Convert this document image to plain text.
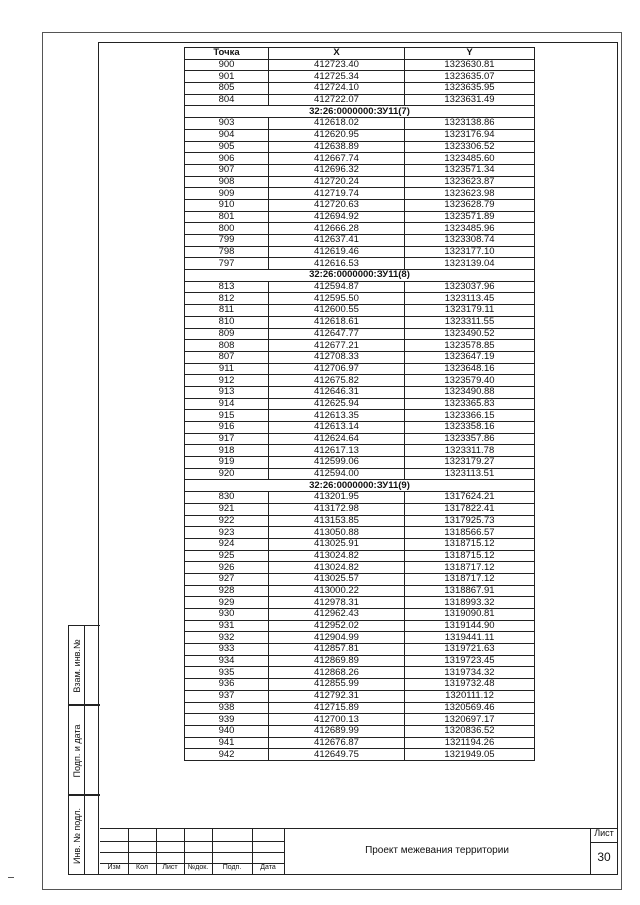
Взам. инв.№
Подп. и дата
Инв. № подл.
Точка	X	Y
900	412723.40	1323630.81
901	412725.34	1323635.07
805	412724.10	1323635.95
804	412722.07	1323631.49
32:26:0000000:ЗУ11(7)		
903	412618.02	1323138.86
904	412620.95	1323176.94
905	412638.89	1323306.52
906	412667.74	1323485.60
907	412696.32	1323571.34
908	412720.24	1323623.87
909	412719.74	1323623.98
910	412720.63	1323628.79
801	412694.92	1323571.89
800	412666.28	1323485.96
799	412637.41	1323308.74
798	412619.46	1323177.10
797	412616.53	1323139.04
32:26:0000000:ЗУ11(8)		
813	412594.87	1323037.96
812	412595.50	1323113.45
811	412600.55	1323179.11
810	412618.61	1323311.55
809	412647.77	1323490.52
808	412677.21	1323578.85
807	412708.33	1323647.19
911	412706.97	1323648.16
912	412675.82	1323579.40
913	412646.31	1323490.88
914	412625.94	1323365.83
915	412613.35	1323366.15
916	412613.14	1323358.16
917	412624.64	1323357.86
918	412617.13	1323311.78
919	412599.06	1323179.27
920	412594.00	1323113.51
32:26:0000000:ЗУ11(9)		
830	413201.95	1317624.21
921	413172.98	1317822.41
922	413153.85	1317925.73
923	413050.88	1318566.57
924	413025.91	1318715.12
925	413024.82	1318715.12
926	413024.82	1318717.12
927	413025.57	1318717.12
928	413000.22	1318867.91
929	412978.31	1318993.32
930	412962.43	1319090.81
931	412952.02	1319144.90
932	412904.99	1319441.11
933	412857.81	1319721.63
934	412869.89	1319723.45
935	412868.26	1319734.32
936	412855.99	1319732.48
937	412792.31	1320111.12
938	412715.89	1320569.46
939	412700.13	1320697.17
940	412689.99	1320836.52
941	412676.87	1321194.26
942	412649.75	1321949.05
Изм	Кол	Лист	№док.	Подп.	Дата
Проект межевания территории
Лист
30
